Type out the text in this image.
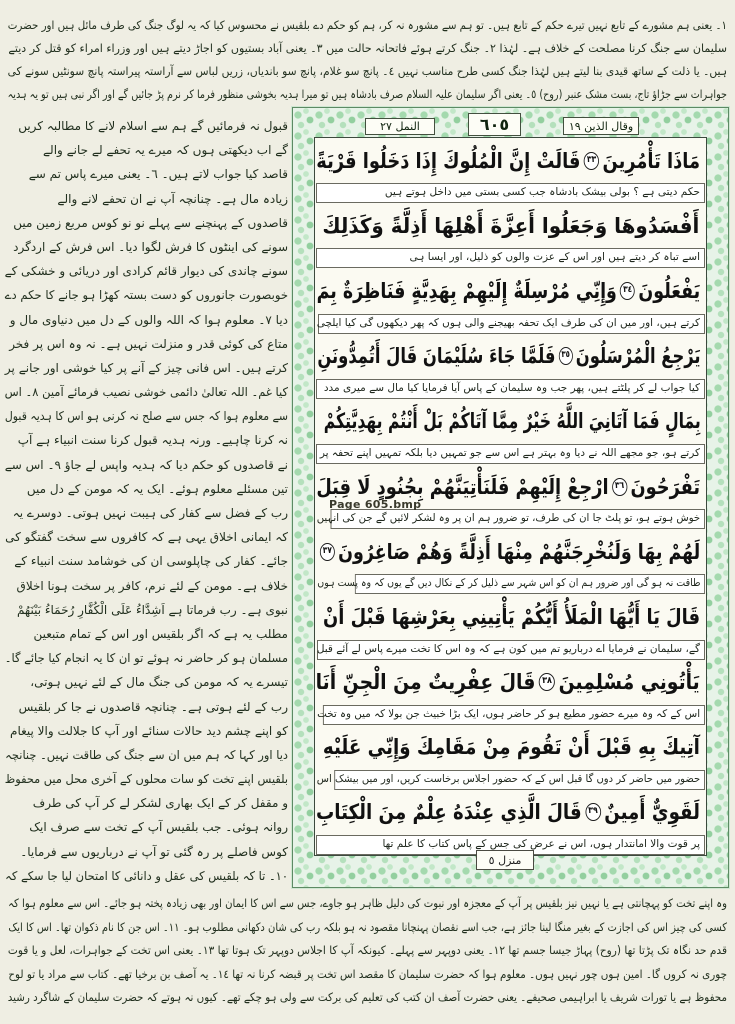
١۔ یعنی ہم مشورے کے تابع نہیں تیرے حکم کے تابع ہیں۔ تو ہم سے مشورہ نہ کر، ہم کو حکم دے بلقیس نے محسوس کیا کہ یہ لوگ جنگ کی طرف مائل ہیں اور حضرت
سلیمان سے جنگ کرنا مصلحت کے خلاف ہے۔ لہٰذا ٢۔ جنگ کرتے ہوئے فاتحانہ حالت میں ٣۔ یعنی آباد بستیوں کو اجاڑ دیتے ہیں اور وزراء امراء کو قتل کر دیتے
ہیں۔ یا ذلت کے ساتھ قیدی بنا لیتے ہیں لہٰذا جنگ کسی طرح مناسب نہیں ٤۔ پانچ سو غلام، پانچ سو باندیاں، زریں لباس سے آراستہ پیراستہ پانچ سونٹیں سونے کی
جواہرات سے جڑاؤ تاج، بست مشک عنبر (روح) ٥۔ یعنی اگر سلیمان علیہ السلام صرف بادشاہ ہیں تو میرا ہدیہ بخوشی منظور فرما کر نرم پڑ جائیں گے اور اگر نبی ہیں تو یہ ہدیہ
قبول نہ فرمائیں گے ہم سے اسلام لانے کا مطالبہ کریں
گے اب دیکھتی ہوں کہ میرے یہ تحفے لے جانے والے
قاصد کیا جواب لاتے ہیں۔ ٦۔ یعنی میرے پاس تم سے
زیادہ مال ہے۔ چنانچہ آپ نے ان تحفے لانے والے
قاصدوں کے پہنچنے سے پہلے نو نو کوس مربع زمین میں
سونے کی اینٹوں کا فرش لگوا دیا۔ اس فرش کے اردگرد
سونے چاندی کی دیوار قائم کرادی اور دریائی و خشکی کے
خوبصورت جانوروں کو دست بستہ کھڑا ہو جانے کا حکم دے
دیا ٧۔ معلوم ہوا کہ اللہ والوں کے دل میں دنیاوی مال و
متاع کی کوئی قدر و منزلت نہیں ہے۔ نہ وہ اس پر فخر
کرتے ہیں۔ اس فانی چیز کے آنے پر کیا خوشی اور جانے پر
کیا غم۔ اللہ تعالیٰ دائمی خوشی نصیب فرمائے آمین ٨۔ اس
سے معلوم ہوا کہ جس سے صلح نہ کرنی ہو اس کا ہدیہ قبول
نہ کرنا چاہیے۔ ورنہ ہدیہ قبول کرنا سنت انبیاء ہے آپ
نے قاصدوں کو حکم دیا کہ ہدیہ واپس لے جاؤ ٩۔ اس سے
تین مسئلے معلوم ہوئے۔ ایک یہ کہ مومن کے دل میں
رب کے فضل سے کفار کی ہیبت نہیں ہوتی۔ دوسرے یہ
کہ ایمانی اخلاق یہی ہے کہ کافروں سے سخت گفتگو کی
جائے۔ کفار کی چاپلوسی ان کی خوشامد سنت انبیاء کے
خلاف ہے۔ مومن کے لئے نرم، کافر پر سخت ہونا اخلاق
نبوی ہے۔ رب فرماتا ہے اَشِدَّاءُ عَلَی الْکُفَّارِ رُحَمَاءُ بَیْنَهُمْ
مطلب یہ ہے کہ اگر بلقیس اور اس کے تمام متبعین
مسلمان ہو کر حاضر نہ ہوئے تو ان کا یہ انجام کیا جائے گا۔
تیسرے یہ کہ مومن کی جنگ مال کے لئے نہیں ہوتی،
رب کے لئے ہوتی ہے۔ چنانچہ قاصدوں نے جا کر بلقیس
کو اپنے چشم دید حالات سنائے اور آپ کا جلالت والا پیغام
دیا اور کہا کہ ہم میں ان سے جنگ کی طاقت نہیں۔ چنانچہ
بلقیس اپنے تخت کو سات محلوں کے آخری محل میں محفوظ
و مقفل کر کے ایک بھاری لشکر لے کر آپ کی طرف
روانہ ہوئی۔ جب بلقیس آپ کے تخت سے صرف ایک
کوس فاصلے پر رہ گئی تو آپ نے درباریوں سے فرمایا۔
١٠۔ تا کہ بلقیس کی عقل و دانائی کا امتحان لیا جا سکے کہ
وقال الذين ١٩
٦٠٥
النمل ٢٧
مَاذَا تَأْمُرِينَ
٣٣
قَالَتْ إِنَّ الْمُلُوكَ إِذَا دَخَلُوا قَرْيَةً
حکم دیتی ہے ؟ بولی بیشک بادشاہ جب کسی بستی میں داخل ہوتے ہیں
أَفْسَدُوهَا وَجَعَلُوا أَعِزَّةَ أَهْلِهَا أَذِلَّةً وَكَذَلِكَ
اسے تباہ کر دیتے ہیں اور اس کے عزت والوں کو ذلیل، اور ایسا ہی
يَفْعَلُونَ
٣٤
وَإِنِّي مُرْسِلَةٌ إِلَيْهِمْ بِهَدِيَّةٍ فَنَاظِرَةٌ بِمَ
کرتے ہیں، اور میں ان کی طرف ایک تحفہ بھیجنے والی ہوں کہ پھر دیکھوں گی کیا ایلچی
يَرْجِعُ الْمُرْسَلُونَ
٣٥
فَلَمَّا جَاءَ سُلَيْمَانَ قَالَ أَتُمِدُّونَنِ
کیا جواب لے کر پلٹتے ہیں، پھر جب وہ سلیمان کے پاس آیا فرمایا کیا مال سے میری مدد
بِمَالٍ فَمَا آتَانِيَ اللَّهُ خَيْرٌ مِمَّا آتَاكُمْ بَلْ أَنْتُمْ بِهَدِيَّتِكُمْ
کرتے ہو، جو مجھے اللہ نے دیا وہ بہتر ہے اس سے جو تمہیں دیا بلکہ تمہیں اپنے تحفہ پر
تَفْرَحُونَ
٣٦
ارْجِعْ إِلَيْهِمْ فَلَنَأْتِيَنَّهُمْ بِجُنُودٍ لَا قِبَلَ
خوش ہوتے ہو، تو پلٹ جا ان کی طرف، تو ضرور ہم ان پر وہ لشکر لائیں گے جن کی انہیں
لَهُمْ بِهَا وَلَنُخْرِجَنَّهُمْ مِنْهَا أَذِلَّةً وَهُمْ صَاغِرُونَ
٣٧
طاقت نہ ہو گی اور ضرور ہم ان کو اس شہر سے ذلیل کر کے نکال دیں گے یوں کہ وہ پست ہوں
قَالَ يَا أَيُّهَا الْمَلَأُ أَيُّكُمْ يَأْتِينِي بِعَرْشِهَا قَبْلَ أَنْ
گے، سلیمان نے فرمایا اے درباریو تم میں کون ہے کہ وہ اس کا تخت میرے پاس لے آئے قبل
يَأْتُونِي مُسْلِمِينَ
٣٨
قَالَ عِفْرِيتٌ مِنَ الْجِنِّ أَنَا
اس کے کہ وہ میرے حضور مطیع ہو کر حاضر ہوں، ایک بڑا خبیث جن بولا کہ میں وہ تخت
آتِيكَ بِهِ قَبْلَ أَنْ تَقُومَ مِنْ مَقَامِكَ وَإِنِّي عَلَيْهِ
حضور میں حاضر کر دوں گا قبل اس کے کہ حضور اجلاس برخاست کریں، اور میں بیشک اس
لَقَوِيٌّ أَمِينٌ
٣٩
قَالَ الَّذِي عِنْدَهُ عِلْمٌ مِنَ الْكِتَابِ
پر قوت والا امانتدار ہوں، اس نے عرض کی جس کے پاس کتاب کا علم تھا
منزل ٥
وہ اپنے تخت کو پہچانتی ہے یا نہیں نیز بلقیس پر آپ کے معجزہ اور نبوت کی دلیل ظاہر ہو جاوے، جس سے اس کا ایمان اور بھی زیادہ پختہ ہو جائے۔ اس سے معلوم ہوا کہ
کسی کی چیز اس کی اجازت کے بغیر منگا لینا جائز ہے، جب اسے نقصان پہنچانا مقصود نہ ہو بلکہ رب کی شان دکھانی مطلوب ہو۔ ١١۔ اس جن کا نام ذکوان تھا۔ اس کا ایک
قدم حد نگاہ تک پڑتا تھا (روح) پہاڑ جیسا جسم تھا ١٢۔ یعنی دوپہر سے پہلے۔ کیونکہ آپ کا اجلاس دوپہر تک ہوتا تھا ١٣۔ یعنی اس تخت کے جواہرات، لعل و یا قوت
چوری نہ کروں گا۔ امین ہوں چور نہیں ہوں۔ معلوم ہوا کہ حضرت سلیمان کا مقصد اس تخت پر قبضہ کرنا نہ تھا ١٤۔ یہ آصف بن برخیا تھے۔ کتاب سے مراد یا تو لوح
محفوظ ہے یا تورات شریف یا ابراہیمی صحیفے۔ یعنی حضرت آصف ان کتب کی تعلیم کی برکت سے ولی ہو چکے تھے۔ کیوں نہ ہوتے کہ حضرت سلیمان کے شاگرد رشید
Page 605.bmp
